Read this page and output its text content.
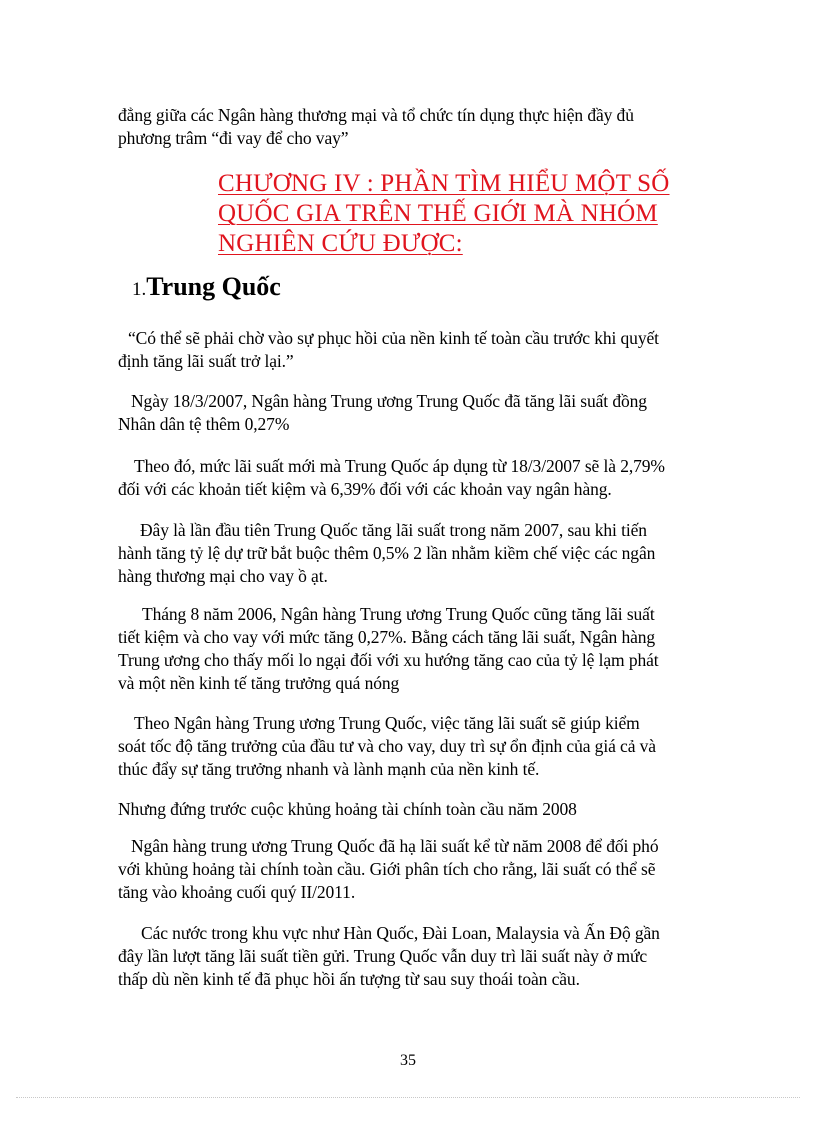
đẳng giữa các Ngân hàng thương mại và tổ chức tín dụng thực hiện đầy đủ
phương trâm “đi vay để cho vay”
CHƯƠNG IV : PHẦN TÌM HIỂU MỘT SỐ
QUỐC GIA TRÊN THẾ GIỚI MÀ NHÓM
NGHIÊN CỨU ĐƯỢC:
1.Trung Quốc
“Có thể sẽ phải chờ vào sự phục hồi của nền kinh tế toàn cầu trước khi quyết
định tăng lãi suất trở lại.”
Ngày 18/3/2007, Ngân hàng Trung ương Trung Quốc đã tăng lãi suất đồng
Nhân dân tệ thêm 0,27%
Theo đó, mức lãi suất mới mà Trung Quốc áp dụng từ 18/3/2007 sẽ là 2,79%
đối với các khoản tiết kiệm và 6,39% đối với các khoản vay ngân hàng.
Đây là lần đầu tiên Trung Quốc tăng lãi suất trong năm 2007, sau khi tiến
hành tăng tỷ lệ dự trữ bắt buộc thêm 0,5% 2 lần nhằm kiềm chế việc các ngân
hàng thương mại cho vay ồ ạt.
Tháng 8 năm 2006, Ngân hàng Trung ương Trung Quốc cũng tăng lãi suất
tiết kiệm và cho vay với mức tăng 0,27%. Bằng cách tăng lãi suất, Ngân hàng
Trung ương cho thấy mối lo ngại đối với xu hướng tăng cao của tỷ lệ lạm phát
và một nền kinh tế tăng trưởng quá nóng
Theo Ngân hàng Trung ương Trung Quốc, việc tăng lãi suất sẽ giúp kiểm
soát tốc độ tăng trưởng của đầu tư và cho vay, duy trì sự ổn định của giá cả và
thúc đẩy sự tăng trưởng nhanh và lành mạnh của nền kinh tế.
Nhưng đứng trước cuộc khủng hoảng tài chính toàn cầu năm 2008
Ngân hàng trung ương Trung Quốc đã hạ lãi suất kể từ năm 2008 để đối phó
với khủng hoảng tài chính toàn cầu. Giới phân tích cho rằng, lãi suất có thể sẽ
tăng vào khoảng cuối quý II/2011.
Các nước trong khu vực như Hàn Quốc, Đài Loan, Malaysia và Ấn Độ gần
đây lần lượt tăng lãi suất tiền gửi. Trung Quốc vẫn duy trì lãi suất này ở mức
thấp dù nền kinh tế đã phục hồi ấn tượng từ sau suy thoái toàn cầu.
35
